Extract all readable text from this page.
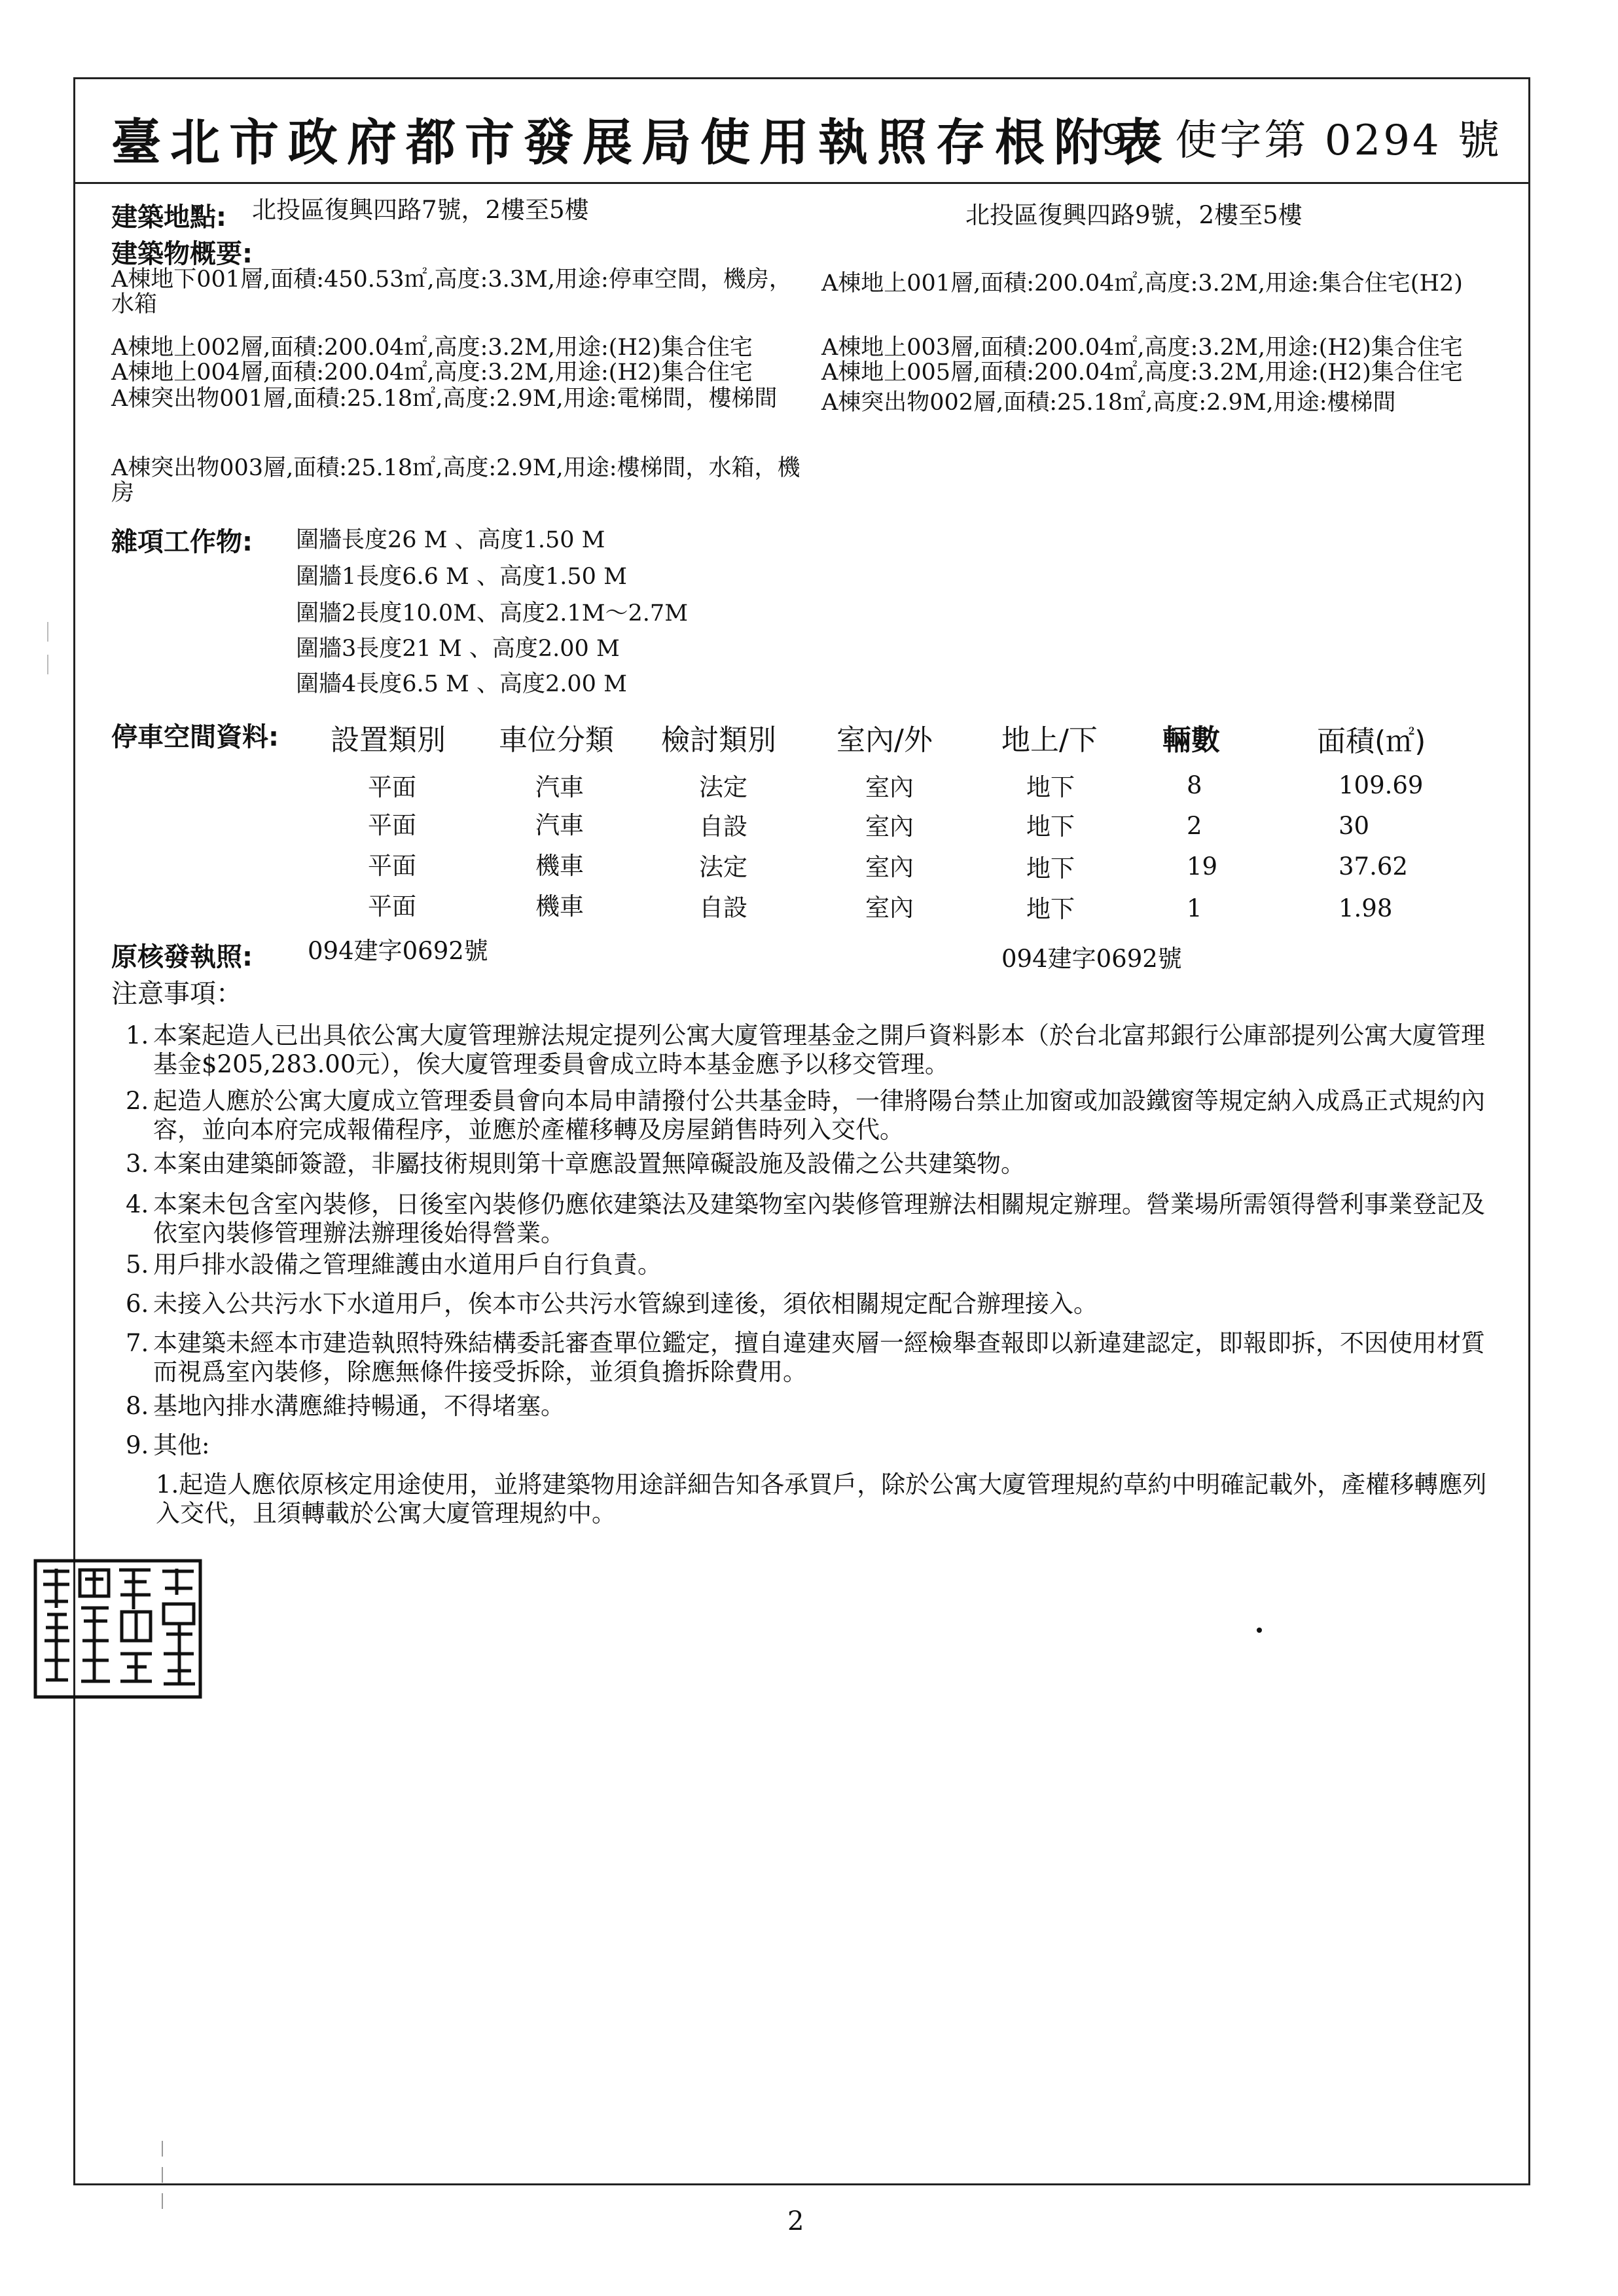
臺北市政府都市發展局使用執照存根附表
97 使字第 0294 號
建築地點: 北投區復興四路7號，2樓至5樓	北投區復興四路9號，2樓至5樓
建築物概要:
A棟地下001層,面積:450.53㎡,高度:3.3M,用途:停車空間，機房，水箱
A棟地上001層,面積:200.04㎡,高度:3.2M,用途:集合住宅(H2)
A棟地上002層,面積:200.04㎡,高度:3.2M,用途:(H2)集合住宅	A棟地上003層,面積:200.04㎡,高度:3.2M,用途:(H2)集合住宅
A棟地上004層,面積:200.04㎡,高度:3.2M,用途:(H2)集合住宅	A棟地上005層,面積:200.04㎡,高度:3.2M,用途:(H2)集合住宅
A棟突出物001層,面積:25.18㎡,高度:2.9M,用途:電梯間，樓梯間	A棟突出物002層,面積:25.18㎡,高度:2.9M,用途:樓梯間
A棟突出物003層,面積:25.18㎡,高度:2.9M,用途:樓梯間，水箱，機房
雜項工作物: 圍牆長度26 M 、高度1.50 M
圍牆1長度6.6 M 、高度1.50 M
圍牆2長度10.0M、高度2.1M～2.7M
圍牆3長度21 M 、高度2.00 M
圍牆4長度6.5 M 、高度2.00 M
停車空間資料: 設置類別 車位分類 檢討類別 室內/外 地上/下 輛數	面積(㎡)
平面	汽車	法定	室內	地下	8	109.69
平面	汽車	自設	室內	地下	2	30
平面	機車	法定	室內	地下	19	37.62
平面	機車	自設	室內	地下	1	1.98
原核發執照: 094建字0692號	094建字0692號
注意事項：
1. 本案起造人已出具依公寓大廈管理辦法規定提列公寓大廈管理基金之開戶資料影本（於台北富邦銀行公庫部提列公寓大廈管理基金$205,283.00元），俟大廈管理委員會成立時本基金應予以移交管理。
2. 起造人應於公寓大廈成立管理委員會向本局申請撥付公共基金時，一律將陽台禁止加窗或加設鐵窗等規定納入成爲正式規約內容，並向本府完成報備程序，並應於產權移轉及房屋銷售時列入交代。
3. 本案由建築師簽證，非屬技術規則第十章應設置無障礙設施及設備之公共建築物。
4. 本案未包含室內裝修，日後室內裝修仍應依建築法及建築物室內裝修管理辦法相關規定辦理。營業場所需領得營利事業登記及依室內裝修管理辦法辦理後始得營業。
5. 用戶排水設備之管理維護由水道用戶自行負責。
6. 未接入公共污水下水道用戶，俟本市公共污水管線到達後，須依相關規定配合辦理接入。
7. 本建築未經本市建造執照特殊結構委託審查單位鑑定，擅自違建夾層一經檢舉查報即以新違建認定，即報即拆，不因使用材質而視爲室內裝修，除應無條件接受拆除，並須負擔拆除費用。
8. 基地內排水溝應維持暢通，不得堵塞。
9. 其他:
1.起造人應依原核定用途使用，並將建築物用途詳細告知各承買戶，除於公寓大廈管理規約草約中明確記載外，產權移轉應列入交代，且須轉載於公寓大廈管理規約中。
2
